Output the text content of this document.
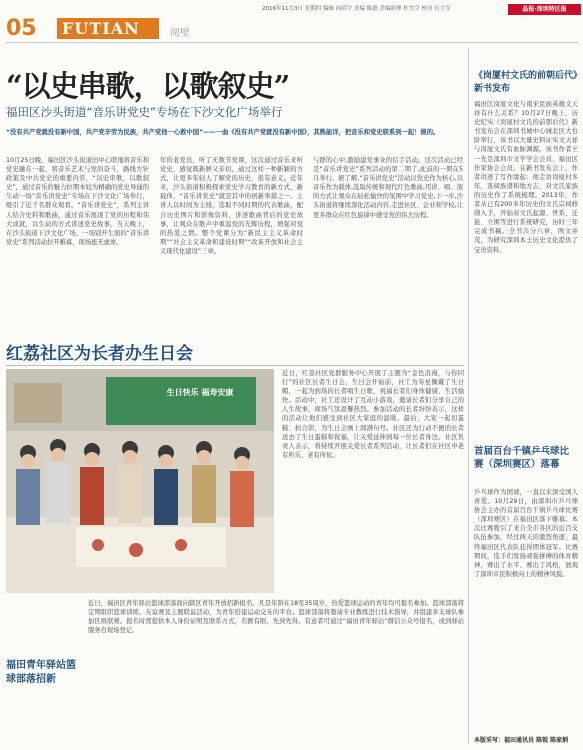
2016年11月3日 星期四 编辑 向绍宇 美编 陈德 美编助理 杜雪空 校对 石立军	晶报·深圳特区报
05 FUTIAN	阅壁
“以史串歌，以歌叙史”
福田区沙头街道“音乐讲党史”专场在下沙文化广场举行
“没有共产党就没有新中国，共产党辛劳为民族，共产党他一心救中国”——一曲《没有共产党就没有新中国》，其熟能详，把音乐和党史联系到一起！规的。
10月25日晚，福田区沙头街道田中心联地将音乐和党史融在一起，将音乐艺术与党的奋斗，路线方针政策及中共党史的重要内容，“以史串歌，以歌叙史”，通过音乐的魅力拉期本较为精确的党史导通的生动一场“音乐讲党史”专场在下沙文化广场举行，吸引了近千名群众观看。“音乐讲党史”，系列主讲人结合史料和歌曲，通过音乐展现了党的历程和伟大成就，以生动的方式讲述党史故事。当天晚上，在沙头街道下沙文化广场，一场别开生面的“音乐讲党史”系列活动拉开帷幕，现场座无虚席。
年的老党员，听了无数节党课，这次通过音乐来听党史，感觉既新鲜又亲切，通过这样一种新颖的方式，让更多年轻人了解党的历史，很有意义。近年来，沙头街道积极探索党史学习教育的新方式、新载体，“音乐讲党史”就是其中的创新举措之一。主讲人以时间为主线，选取不同时期的代表歌曲，配合历史图片和影像资料，讲述歌曲背后的党史故事，让观众在歌声中重温党的光辉历程，增强对党的热爱之情。整个党课分为“新民主主义革命时期”“社会主义革命和建设时期”“改革开放和社会主义现代化建设”三章。
与群的心中,激励建党事业的信手活动。这次活动已经是“音乐讲党史”系列活动的第二期了,此前的一期在5月举行。据了解,“音乐讲党史”活动以党史作为核心,以音乐作为载体,选取传统和现代红色歌曲,用讲、唱、演的方式让观众在轻松愉快的氛围中学习党史,下一步,沙头街道将继续深化活动内容,走进社区、企业和学校,让更多群众在红色旋律中感受党的伟大历程。
红荔社区为长者办生日会
生日快乐 福寿安康
近日，红荔社区党群服务中心开展了主题为“金色浪漫，与你同行”的社区长者生日会。生日会开始前，社工为寿星佩戴了生日帽，一起为到场的长者唱生日歌，祝福长者们身体健康、生活愉快。活动中，社工还设计了互动小游戏，邀请长者们分享自己的人生故事，现场气氛温馨热烈。参加活动的长者纷纷表示，这样的活动让他们感受到社区大家庭的温暖。最后，大家一起切蛋糕、拍合影，为生日会画上圆满句号。社区还为行动不便的长者送去了生日蛋糕和祝福，让关爱延伸到每一位长者身边。社区负责人表示，将持续开展关爱长者系列活动，让长者们在社区中老有所乐、老有所依。
福田青年驿站篮球部落招新
近日，福田区青年驿站篮球部落面向辖区青年开放招新报名，凡是年龄在18至35周岁、热爱篮球运动的青年均可报名参加。篮球部落将定期组织篮球训练、友谊赛及主题联谊活动，为青年搭建运动交友的平台。篮球部落将邀请专业教练进行技术指导，并组建多支球队参加区级联赛。报名时需提供本人身份证明及联系方式，名额有限，先到先得。有意者可通过“福田青年驿站”微信公众号报名，或到驿站服务台现场登记。
《岗厦村文氏的前朝后代》新书发布
福田区岗厦文化与南宋民族英雄文天祥有什么关系？10月27日晚上，历史纪实《岗厦村文氏的前朝后代》新书发布会在深圳书城中心城北区大台阶举行，该书以大量史料证实文天祥与岗厦文氏有血脉渊源。该书作者王一先是深圳市文学学会会员，福田区作家协会会员。在新书发布会上，作者讲述了写作缘起：他走访岗厦村多年，查阅族谱和地方志，对文氏家族的历史作了系统梳理。2013年，作者从已有200多年历史的文氏宗祠修缮入手，开始对文氏起源、世系、迁徙、立围等进行系统研究，历时三年完成书稿。全书共分六章，图文并茂，为研究深圳本土历史文化提供了宝贵资料。
首届百台千镇乒乓球比赛（深圳赛区）落幕
乒乓球作为国球，一直以来深受国人喜爱。10月29日，由深圳市乒乓球协会主办的首届百台千镇乒乓球比赛（深圳赛区）在福田区落下帷幕。本次比赛吸引了来自全市各区的近百支队伍参加，经过两天的激烈角逐，最终福田区代表队获得团体冠军。比赛期间，选手们发扬顽强拼搏的体育精神，赛出了水平、赛出了风格，展现了深圳市民积极向上的精神风貌。
本版采写：福田通讯员 陈锐 陈家炳
